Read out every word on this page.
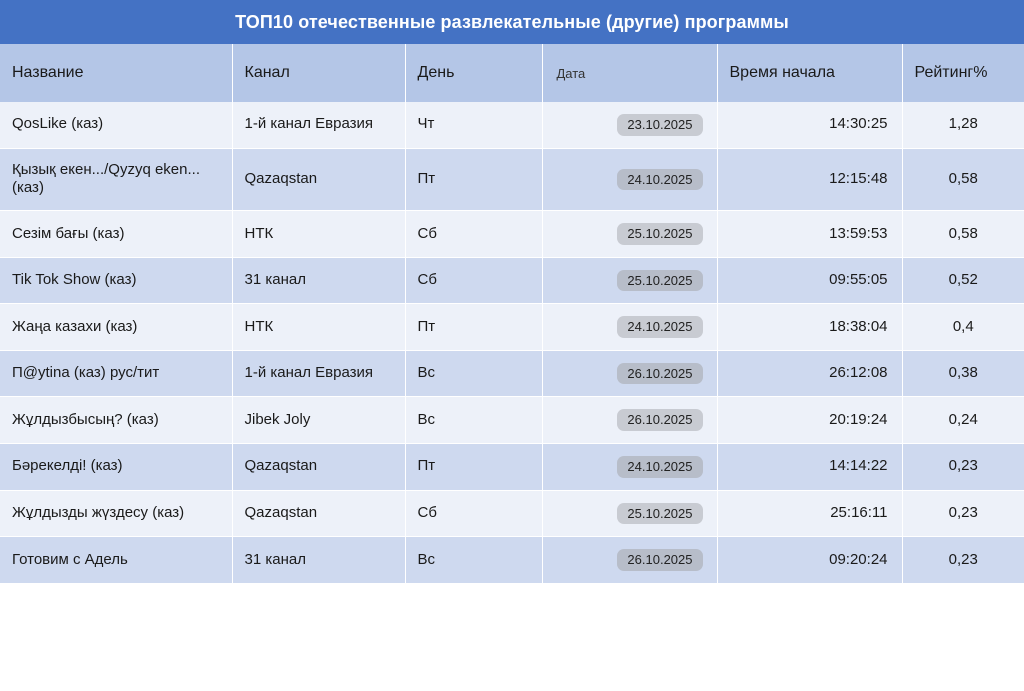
ТОП10 отечественные развлекательные (другие) программы
Название	Канал	День	Дата	Время начала	Рейтинг%
QosLike (каз)	1-й канал Евразия	Чт	23.10.2025	14:30:25	1,28
Қызық екен.../Qyzyq eken... (каз)	Qazaqstan	Пт	24.10.2025	12:15:48	0,58
Сезім бағы (каз)	НТК	Сб	25.10.2025	13:59:53	0,58
Tik Tok Show (каз)	31 канал	Сб	25.10.2025	09:55:05	0,52
Жаңа казахи (каз)	НТК	Пт	24.10.2025	18:38:04	0,4
П@ytina (каз) рус/тит	1-й канал Евразия	Вс	26.10.2025	26:12:08	0,38
Жұлдызбысың? (каз)	Jibek Joly	Вс	26.10.2025	20:19:24	0,24
Бәрекелді! (каз)	Qazaqstan	Пт	24.10.2025	14:14:22	0,23
Жұлдызды жүздесу (каз)	Qazaqstan	Сб	25.10.2025	25:16:11	0,23
Готовим с Адель	31 канал	Вс	26.10.2025	09:20:24	0,23
